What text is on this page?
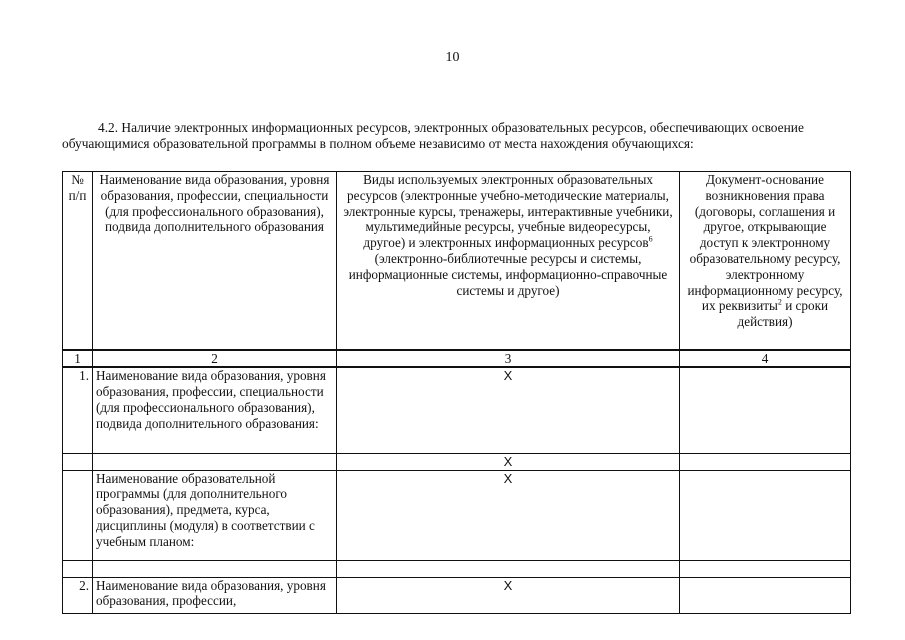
10
4.2. Наличие электронных информационных ресурсов, электронных образовательных ресурсов, обеспечивающих освоение обучающимися образовательной программы в полном объеме независимо от места нахождения обучающихся:
№ п/п	Наименование вида образования, уровня образования, профессии, специальности (для профессионального образования), подвида дополнительного образования	Виды используемых электронных образовательных ресурсов (электронные учебно-методические материалы, электронные курсы, тренажеры, интерактивные учебники, мультимедийные ресурсы, учебные видеоресурсы, другое) и электронных информационных ресурсов$^6$ (электронно-библиотечные ресурсы и системы, информационные системы, информационно-справочные системы и другое)	Документ-основание возникновения права (договоры, соглашения и другое, открывающие доступ к электронному образовательному ресурсу, электронному информационному ресурсу, их реквизиты$^2$ и сроки действия)
1	2	3	4
1.	Наименование вида образования, уровня образования, профессии, специальности (для профессионального образования), подвида дополнительного образования:	X	
		X	
	Наименование образовательной программы (для дополнительного образования), предмета, курса, дисциплины (модуля) в соответствии с учебным планом:	X	

2.	Наименование вида образования, уровня образования, профессии,	X	
